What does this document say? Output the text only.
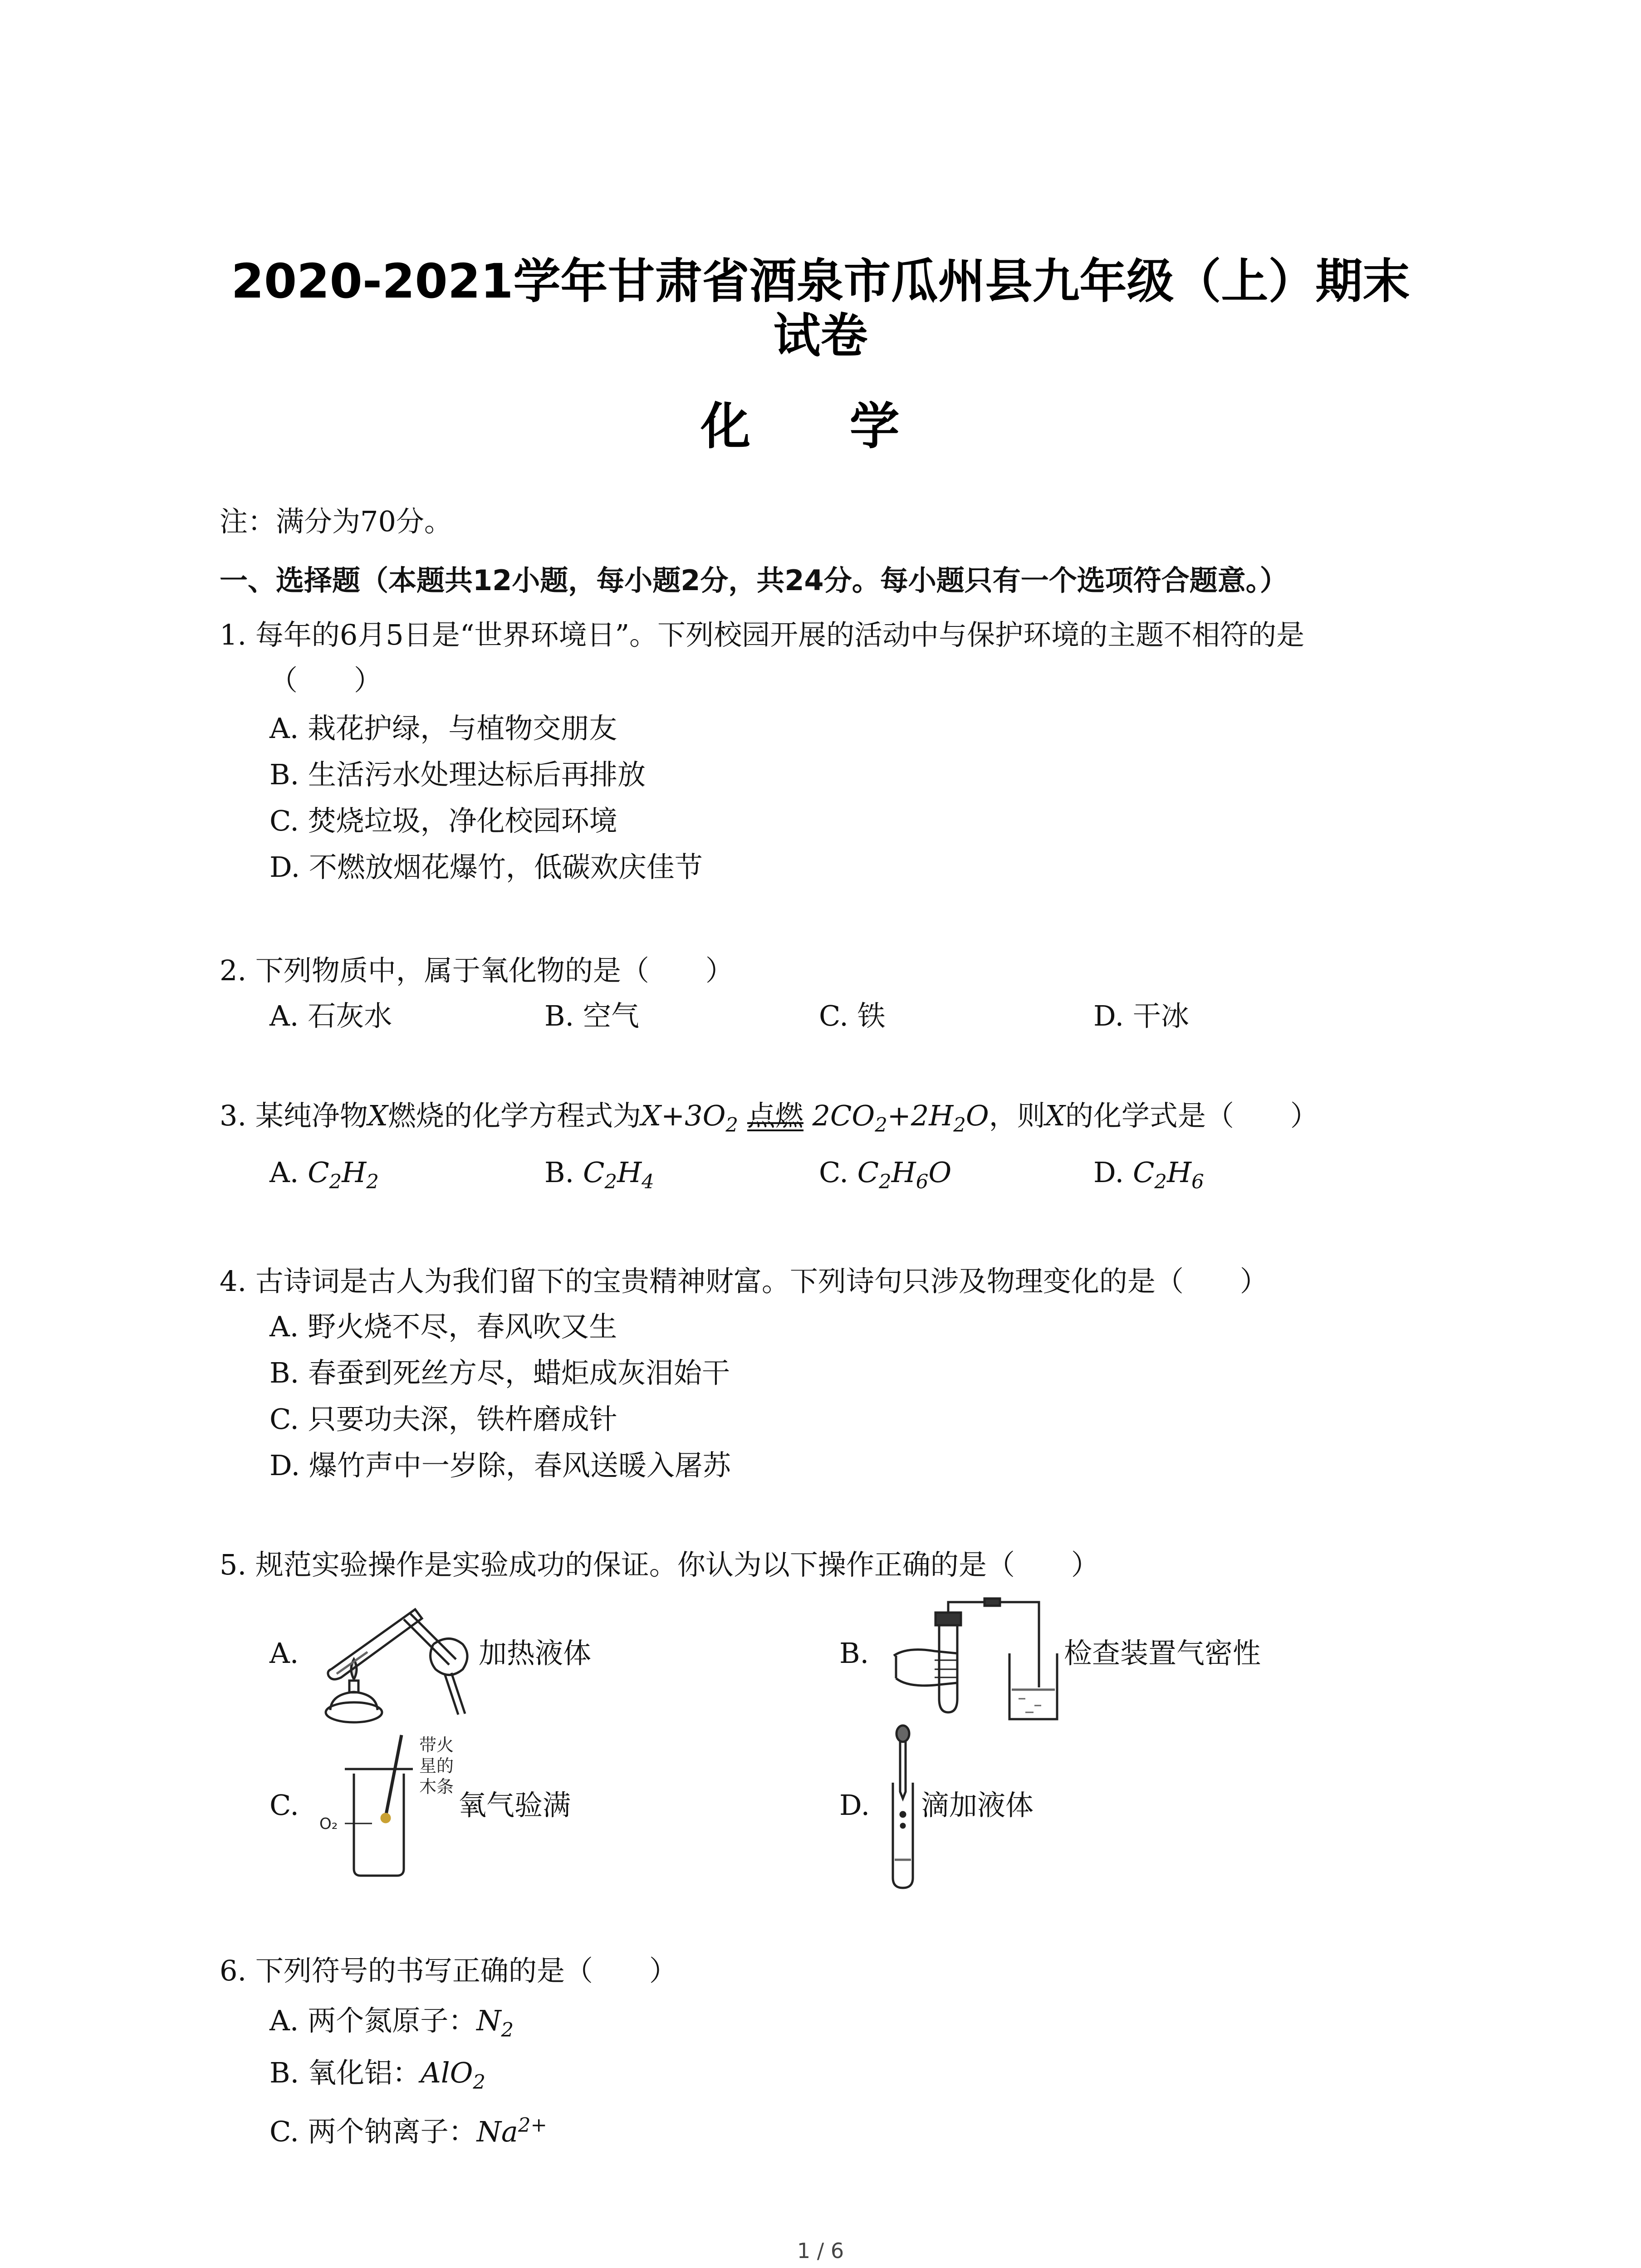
2020-2021学年甘肃省酒泉市瓜州县九年级（上）期末
试卷
化 学
注：满分为70分。
一、选择题（本题共12小题，每小题2分，共24分。每小题只有一个选项符合题意。）
1. 每年的6月5日是“世界环境日”。下列校园开展的活动中与保护环境的主题不相符的是
（　　）
A. 栽花护绿，与植物交朋友
B. 生活污水处理达标后再排放
C. 焚烧垃圾，净化校园环境
D. 不燃放烟花爆竹，低碳欢庆佳节
2. 下列物质中，属于氧化物的是（　　）
A. 石灰水	B. 空气	C. 铁	D. 干冰
3. 某纯净物X燃烧的化学方程式为$X+3O_2$ 点燃 $2CO_2+2H_2O$，则X的化学式是（　　）
A. $C_2H_2$	B. $C_2H_4$	C. $C_2H_6O$	D. $C_2H_6$
4. 古诗词是古人为我们留下的宝贵精神财富。下列诗句只涉及物理变化的是（　　）
A. 野火烧不尽，春风吹又生
B. 春蚕到死丝方尽，蜡炬成灰泪始干
C. 只要功夫深，铁杵磨成针
D. 爆竹声中一岁除，春风送暖入屠苏
5. 规范实验操作是实验成功的保证。你认为以下操作正确的是（　　）
A.	加热液体	B.	检查装置气密性
C.
O₂
带火
星的
木条
氧气验满	D. 滴加液体
6. 下列符号的书写正确的是（　　）
A. 两个氮原子：$N_2$
B. 氧化铝：AlO$_2$
C. 两个钠离子：$Na^{2+}$
1 / 6
